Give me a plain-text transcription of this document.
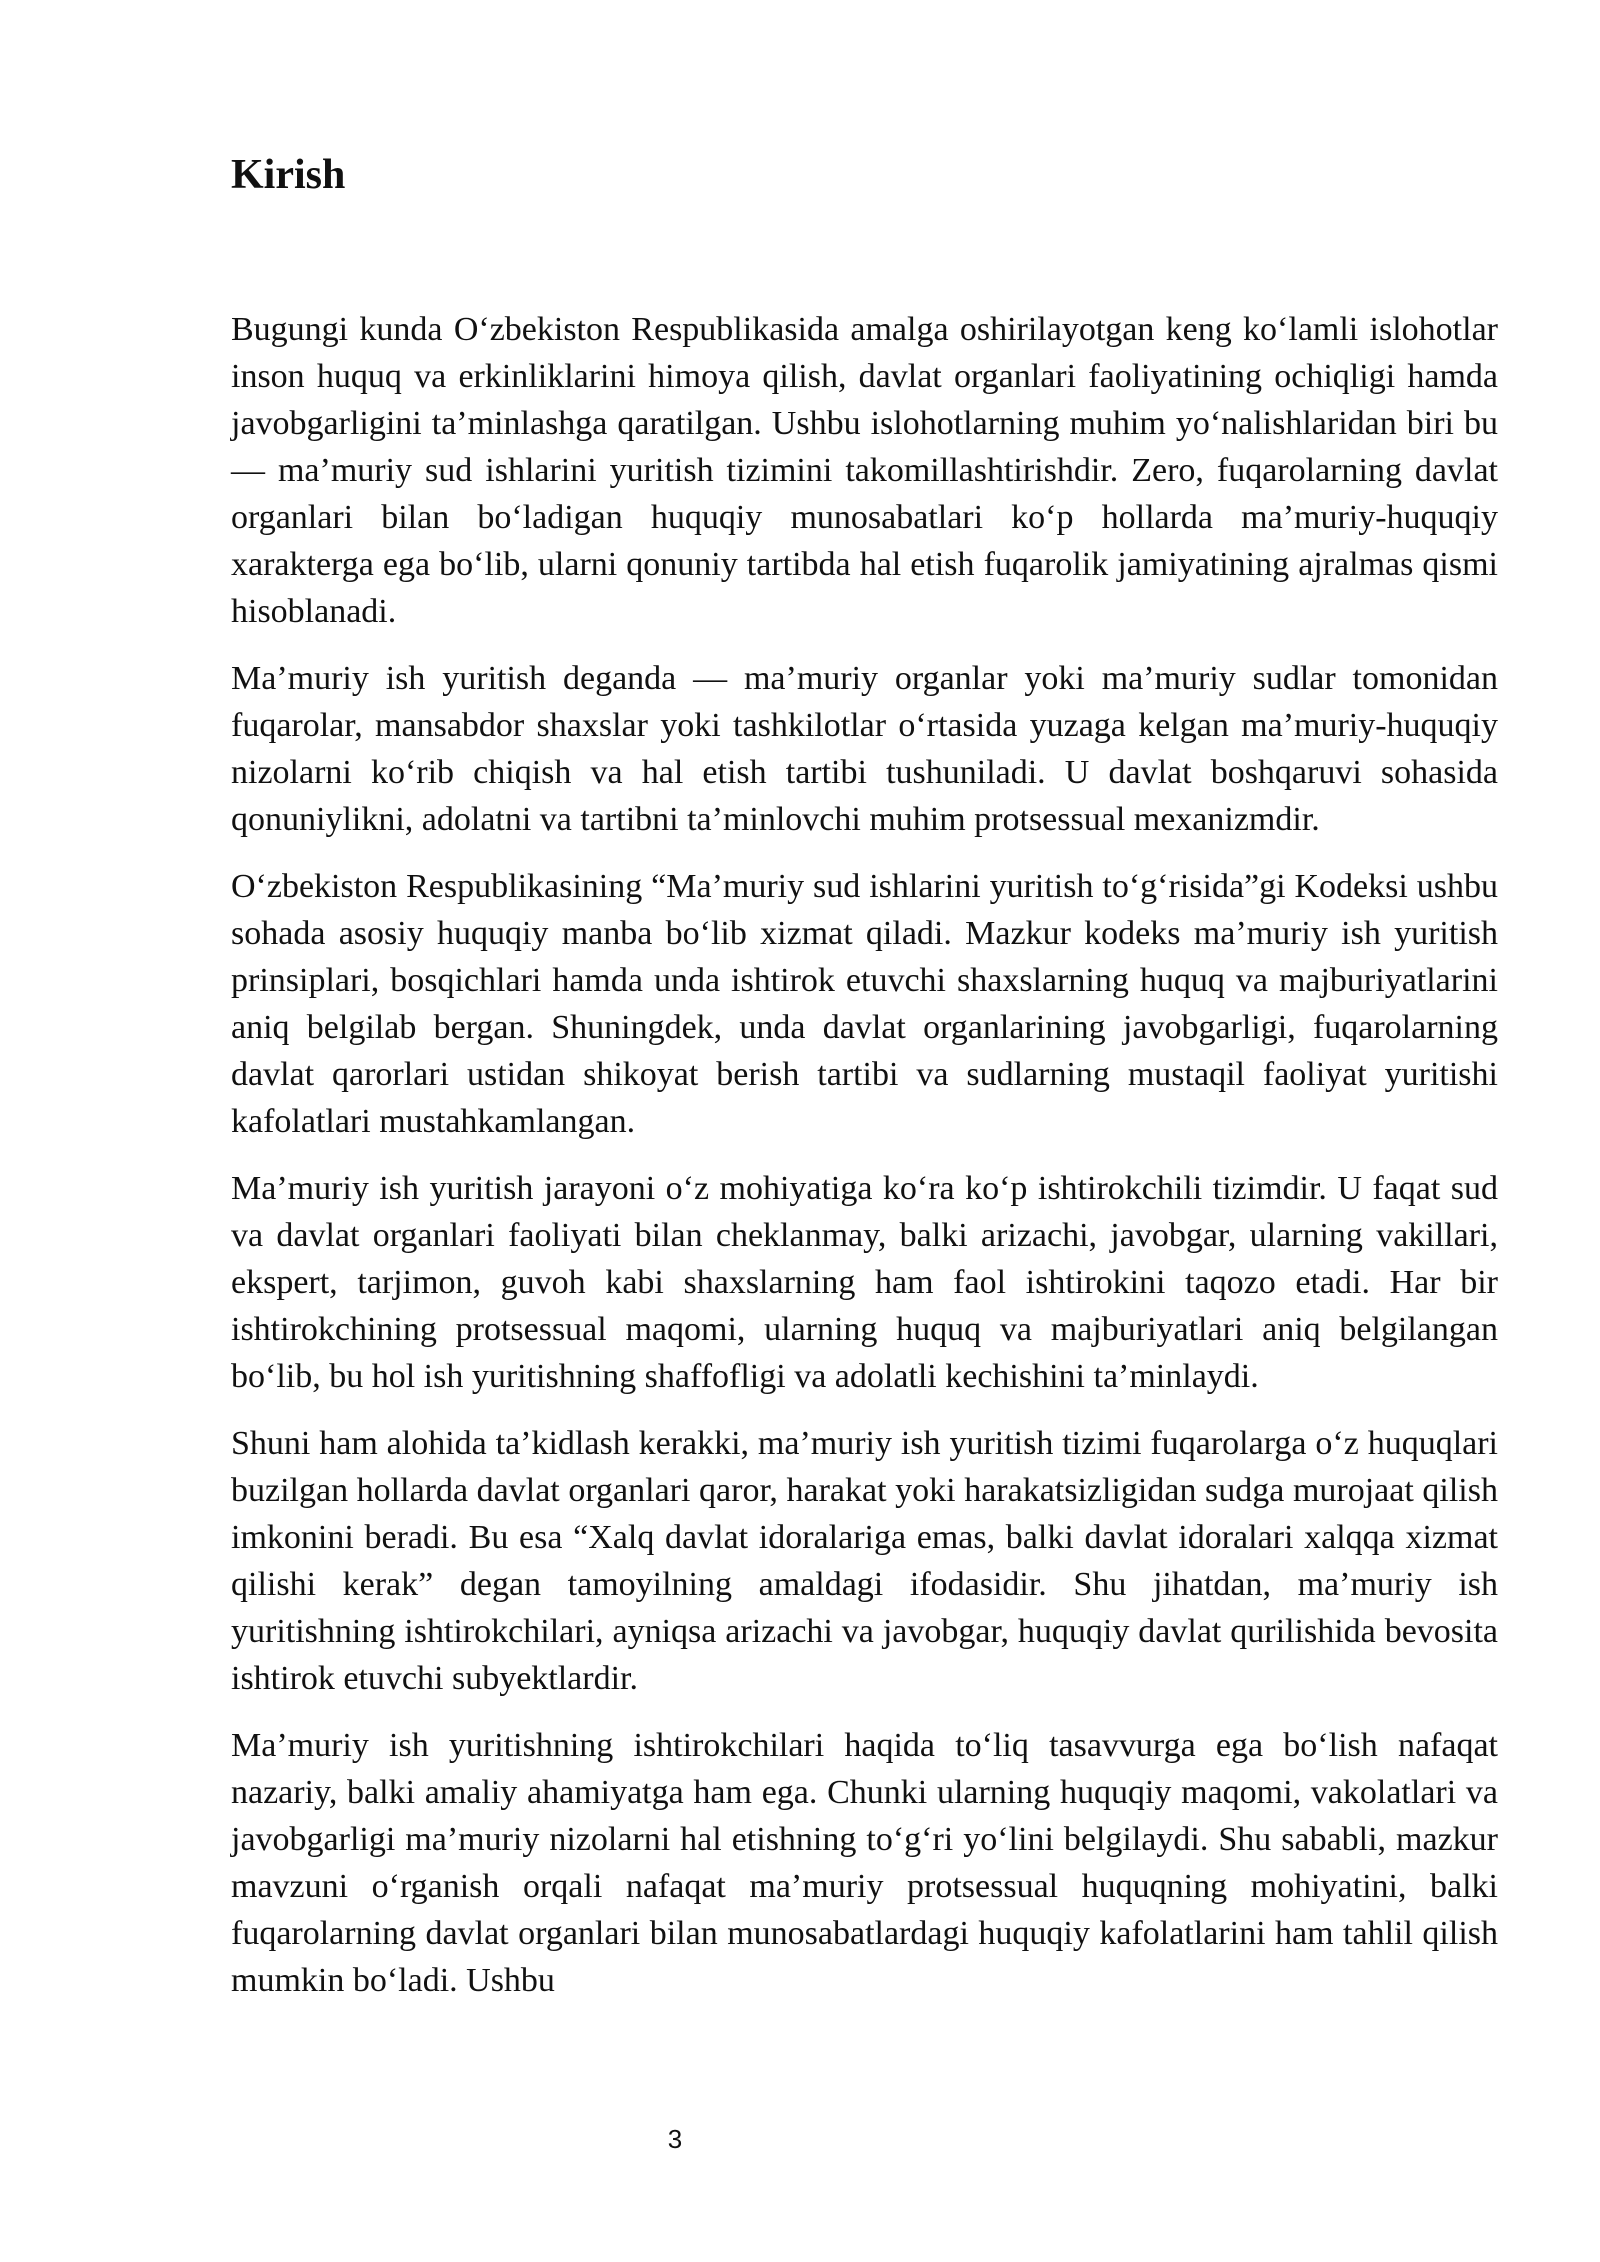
Kirish

Bugungi kunda O‘zbekiston Respublikasida amalga oshirilayotgan keng ko‘lamli islohotlar inson huquq va erkinliklarini himoya qilish, davlat organlari faoliyatining ochiqligi hamda javobgarligini ta’minlashga qaratilgan. Ushbu islohotlarning muhim yo‘nalishlaridan biri bu — ma’muriy sud ishlarini yuritish tizimini takomillashtirishdir. Zero, fuqarolarning davlat organlari bilan bo‘ladigan huquqiy munosabatlari ko‘p hollarda ma’muriy-huquqiy xarakterga ega bo‘lib, ularni qonuniy tartibda hal etish fuqarolik jamiyatining ajralmas qismi hisoblanadi.

Ma’muriy ish yuritish deganda — ma’muriy organlar yoki ma’muriy sudlar tomonidan fuqarolar, mansabdor shaxslar yoki tashkilotlar o‘rtasida yuzaga kelgan ma’muriy-huquqiy nizolarni ko‘rib chiqish va hal etish tartibi tushuniladi. U davlat boshqaruvi sohasida qonuniylikni, adolatni va tartibni ta’minlovchi muhim protsessual mexanizmdir.

O‘zbekiston Respublikasining “Ma’muriy sud ishlarini yuritish to‘g‘risida”gi Kodeksi ushbu sohada asosiy huquqiy manba bo‘lib xizmat qiladi. Mazkur kodeks ma’muriy ish yuritish prinsiplari, bosqichlari hamda unda ishtirok etuvchi shaxslarning huquq va majburiyatlarini aniq belgilab bergan. Shuningdek, unda davlat organlarining javobgarligi, fuqarolarning davlat qarorlari ustidan shikoyat berish tartibi va sudlarning mustaqil faoliyat yuritishi kafolatlari mustahkamlangan.

Ma’muriy ish yuritish jarayoni o‘z mohiyatiga ko‘ra ko‘p ishtirokchili tizimdir. U faqat sud va davlat organlari faoliyati bilan cheklanmay, balki arizachi, javobgar, ularning vakillari, ekspert, tarjimon, guvoh kabi shaxslarning ham faol ishtirokini taqozo etadi. Har bir ishtirokchining protsessual maqomi, ularning huquq va majburiyatlari aniq belgilangan bo‘lib, bu hol ish yuritishning shaffofligi va adolatli kechishini ta’minlaydi.

Shuni ham alohida ta’kidlash kerakki, ma’muriy ish yuritish tizimi fuqarolarga o‘z huquqlari buzilgan hollarda davlat organlari qaror, harakat yoki harakatsizligidan sudga murojaat qilish imkonini beradi. Bu esa “Xalq davlat idoralariga emas, balki davlat idoralari xalqqa xizmat qilishi kerak” degan tamoyilning amaldagi ifodasidir. Shu jihatdan, ma’muriy ish yuritishning ishtirokchilari, ayniqsa arizachi va javobgar, huquqiy davlat qurilishida bevosita ishtirok etuvchi subyektlardir.

Ma’muriy ish yuritishning ishtirokchilari haqida to‘liq tasavvurga ega bo‘lish nafaqat nazariy, balki amaliy ahamiyatga ham ega. Chunki ularning huquqiy maqomi, vakolatlari va javobgarligi ma’muriy nizolarni hal etishning to‘g‘ri yo‘lini belgilaydi. Shu sababli, mazkur mavzuni o‘rganish orqali nafaqat ma’muriy protsessual huquqning mohiyatini, balki fuqarolarning davlat organlari bilan munosabatlardagi huquqiy kafolatlarini ham tahlil qilish mumkin bo‘ladi. Ushbu

3
